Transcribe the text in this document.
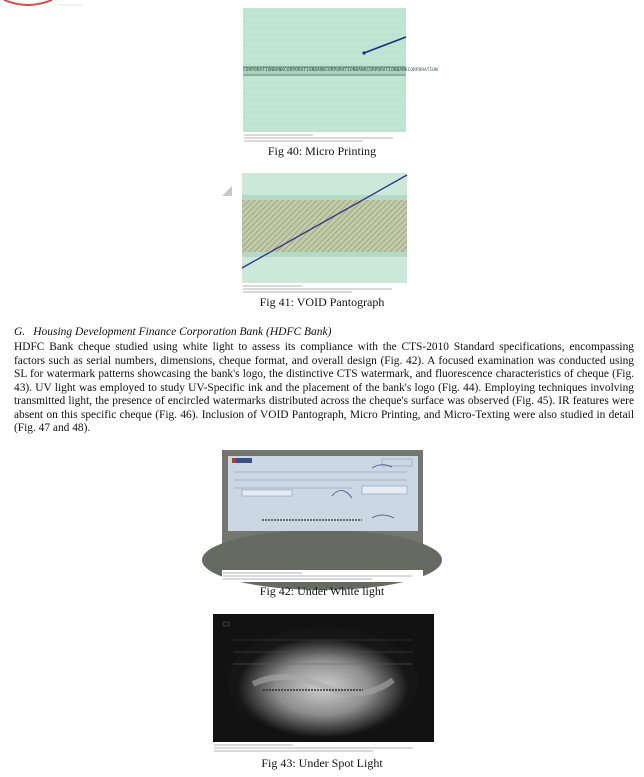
CORPORATIONBANKCORPORATIONBANKCORPORATIONBANKCORPORATIONBANKCORPORATION
Fig 40: Micro Printing
Fig 41: VOID Pantograph
G. Housing Development Finance Corporation Bank (HDFC Bank)
HDFC Bank cheque studied using white light to assess its compliance with the CTS-2010 Standard specifications, encompassing factors such as serial numbers, dimensions, cheque format, and overall design (Fig. 42). A focused examination was conducted using SL for watermark patterns showcasing the bank's logo, the distinctive CTS watermark, and fluorescence characteristics of cheque (Fig. 43). UV light was employed to study UV-Specific ink and the placement of the bank's logo (Fig. 44). Employing techniques involving transmitted light, the presence of encircled watermarks distributed across the cheque's surface was observed (Fig. 45). IR features were absent on this specific cheque (Fig. 46). Inclusion of VOID Pantograph, Micro Printing, and Micro-Texting were also studied in detail (Fig. 47 and 48).
Fig 42: Under White light
Fig 43: Under Spot Light
